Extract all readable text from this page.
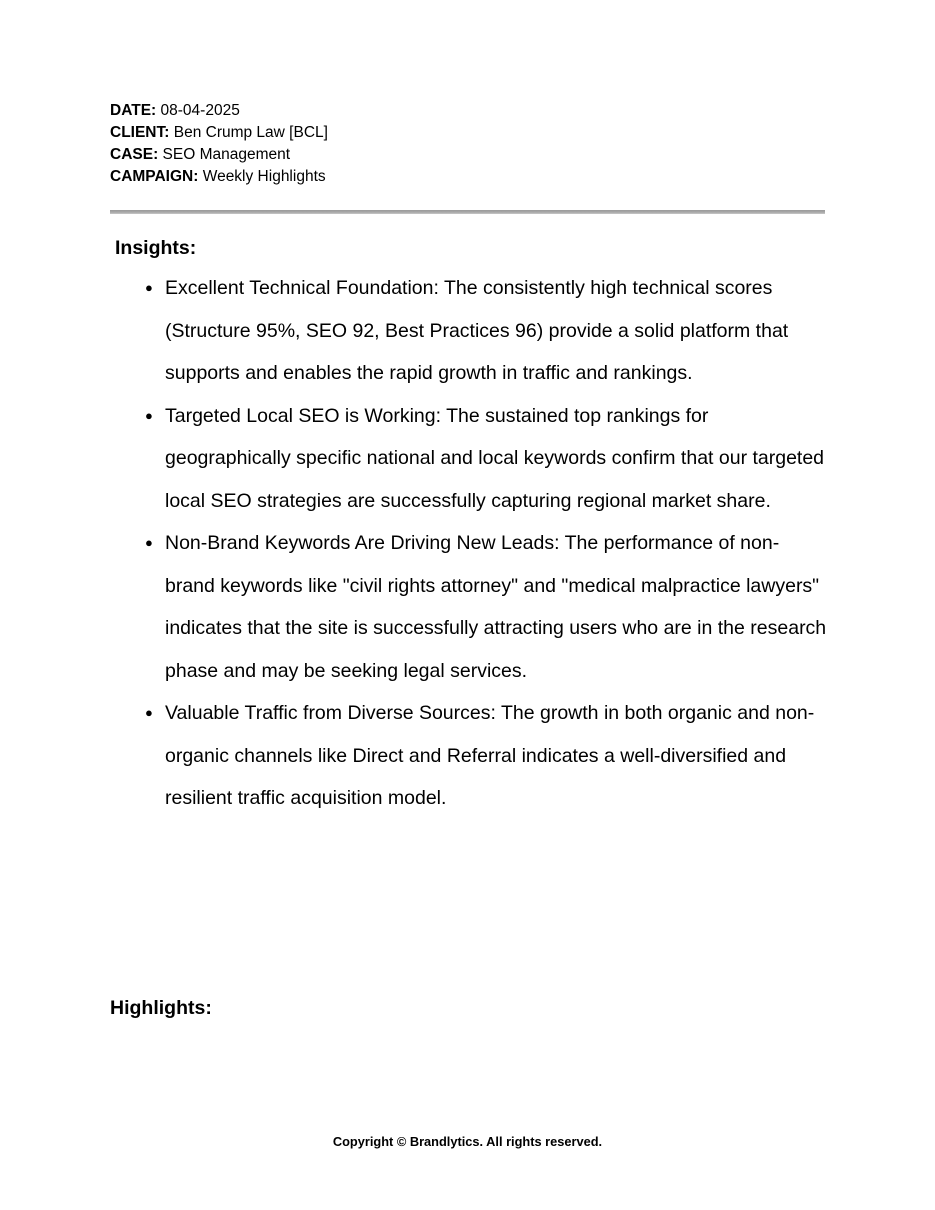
DATE: 08-04-2025
CLIENT: Ben Crump Law [BCL]
CASE: SEO Management
CAMPAIGN: Weekly Highlights
Insights:
● Excellent Technical Foundation: The consistently high technical scores (Structure 95%, SEO 92, Best Practices 96) provide a solid platform that supports and enables the rapid growth in traffic and rankings.
● Targeted Local SEO is Working: The sustained top rankings for geographically specific national and local keywords confirm that our targeted local SEO strategies are successfully capturing regional market share.
● Non-Brand Keywords Are Driving New Leads: The performance of non-brand keywords like "civil rights attorney" and "medical malpractice lawyers" indicates that the site is successfully attracting users who are in the research phase and may be seeking legal services.
● Valuable Traffic from Diverse Sources: The growth in both organic and non-organic channels like Direct and Referral indicates a well-diversified and resilient traffic acquisition model.
Highlights:
Copyright © Brandlytics. All rights reserved.
